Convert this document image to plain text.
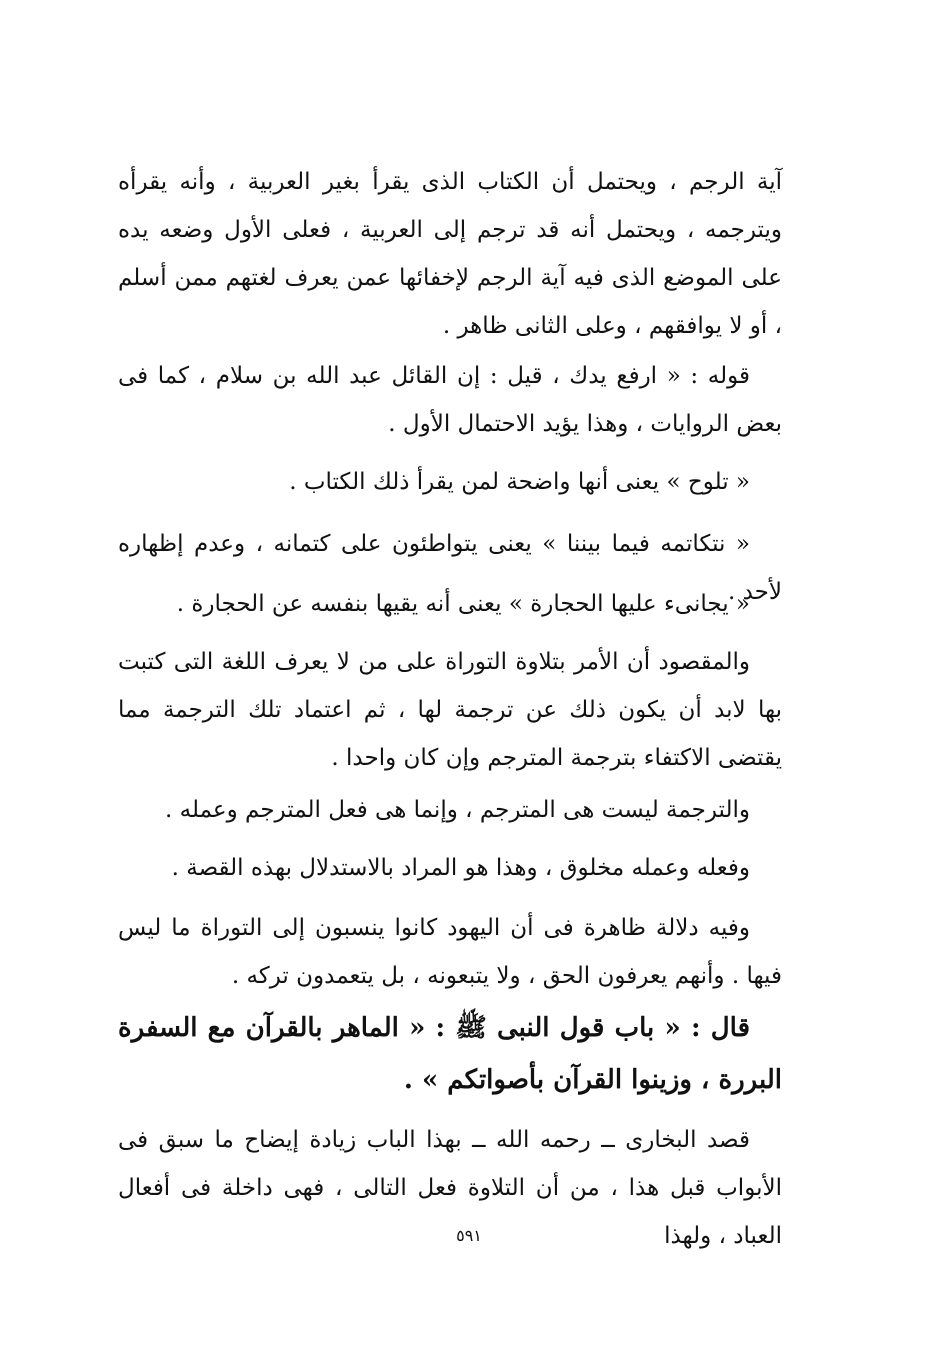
آية الرجم ، ويحتمل أن الكتاب الذى يقرأ بغير العربية ، وأنه يقرأه ويترجمه ، ويحتمل أنه قد ترجم إلى العربية ، فعلى الأول وضعه يده على الموضع الذى فيه آية الرجم لإخفائها عمن يعرف لغتهم ممن أسلم ، أو لا يوافقهم ، وعلى الثانى ظاهر .
قوله : « ارفع يدك ، قيل : إن القائل عبد الله بن سلام ، كما فى بعض الروايات ، وهذا يؤيد الاحتمال الأول .
« تلوح » يعنى أنها واضحة لمن يقرأ ذلك الكتاب .
« نتكاتمه فيما بيننا » يعنى يتواطئون على كتمانه ، وعدم إظهاره لأحد .
« يجانىء عليها الحجارة » يعنى أنه يقيها بنفسه عن الحجارة .
والمقصود أن الأمر بتلاوة التوراة على من لا يعرف اللغة التى كتبت بها لابد أن يكون ذلك عن ترجمة لها ، ثم اعتماد تلك الترجمة مما يقتضى الاكتفاء بترجمة المترجم وإن كان واحدا .
والترجمة ليست هى المترجم ، وإنما هى فعل المترجم وعمله .
وفعله وعمله مخلوق ، وهذا هو المراد بالاستدلال بهذه القصة .
وفيه دلالة ظاهرة فى أن اليهود كانوا ينسبون إلى التوراة ما ليس فيها . وأنهم يعرفون الحق ، ولا يتبعونه ، بل يتعمدون تركه .
قال : « باب قول النبى ﷺ : « الماهر بالقرآن مع السفرة البررة ، وزينوا القرآن بأصواتكم » .
قصد البخارى ــ رحمه الله ــ بهذا الباب زيادة إيضاح ما سبق فى الأبواب قبل هذا ، من أن التلاوة فعل التالى ، فهى داخلة فى أفعال العباد ، ولهذا
٥٩١
